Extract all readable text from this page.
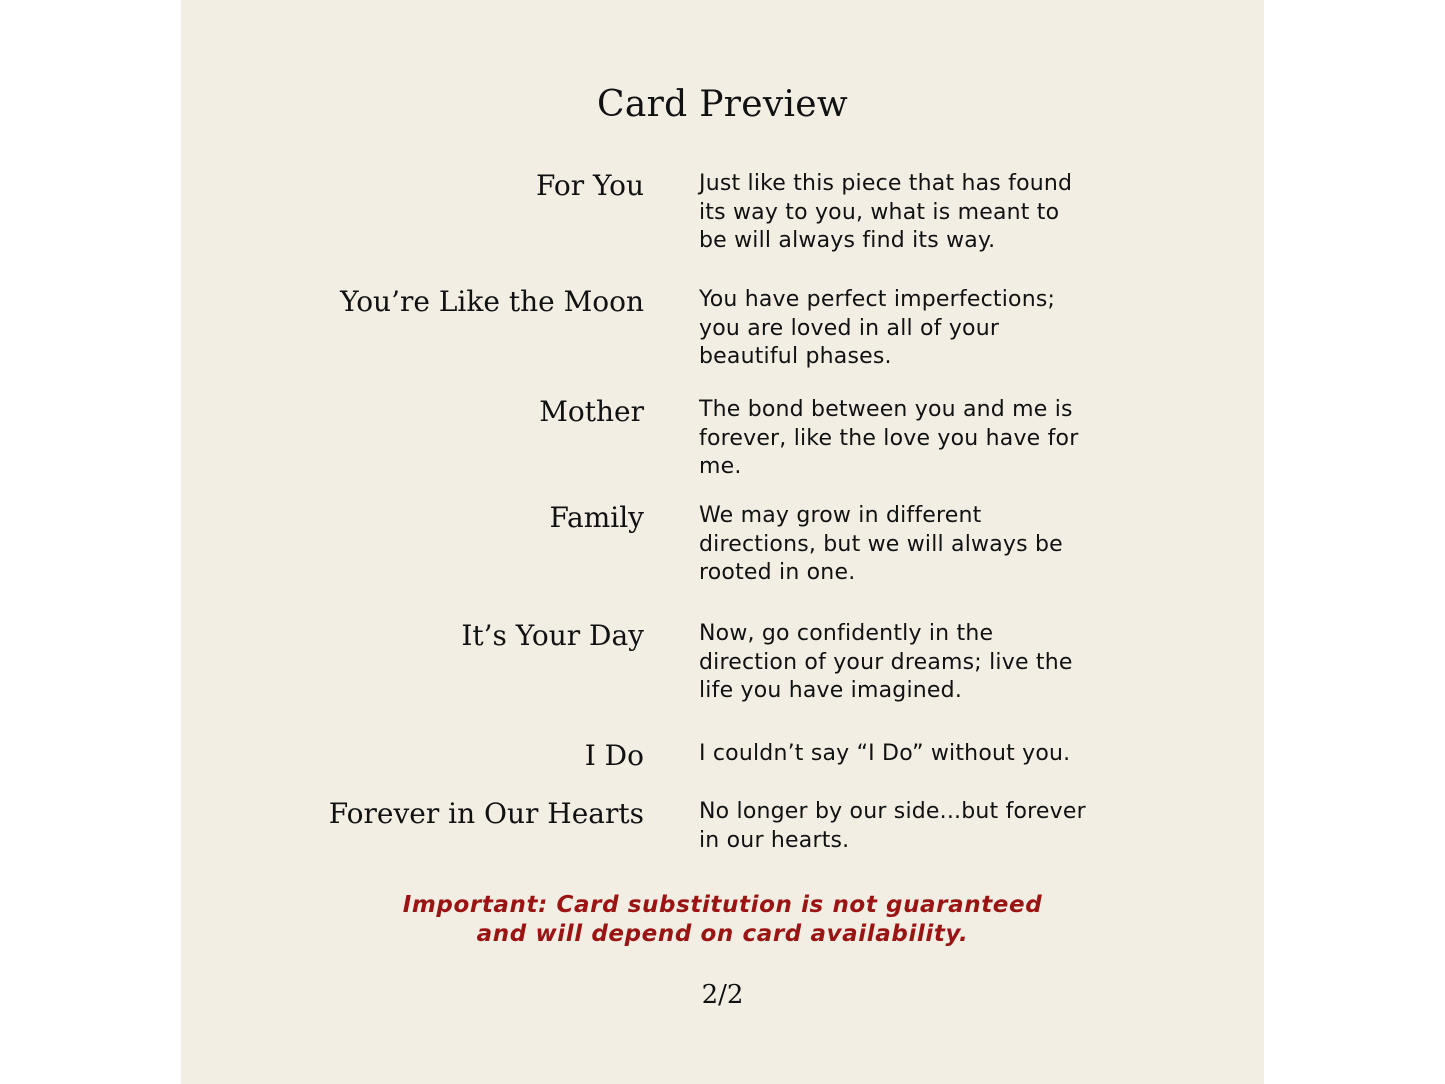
Card Preview
For You	Just like this piece that has found its way to you, what is meant to be will always find its way.
You’re Like the Moon	You have perfect imperfections; you are loved in all of your beautiful phases.
Mother	The bond between you and me is forever, like the love you have for me.
Family	We may grow in different directions, but we will always be rooted in one.
It’s Your Day	Now, go confidently in the direction of your dreams; live the life you have imagined.
I Do	I couldn’t say “I Do” without you.
Forever in Our Hearts	No longer by our side...but forever in our hearts.
Important: Card substitution is not guaranteed
and will depend on card availability.
2/2
